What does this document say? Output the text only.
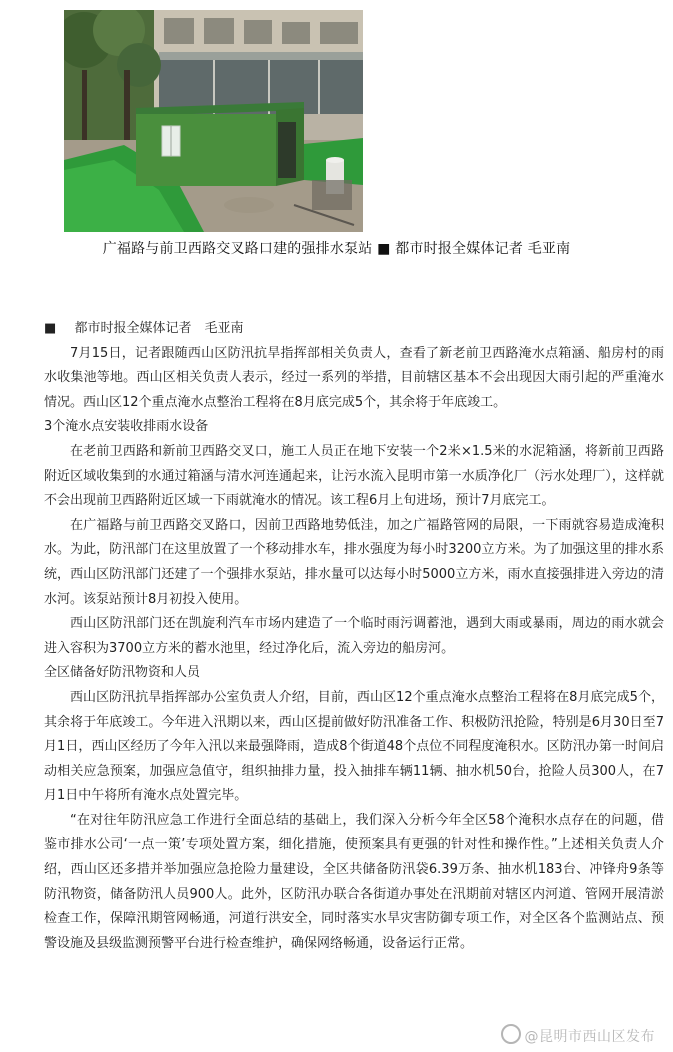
广福路与前卫西路交叉路口建的强排水泵站 ■ 都市时报全媒体记者 毛亚南

■ 都市时报全媒体记者　毛亚南

7月15日，记者跟随西山区防汛抗旱指挥部相关负责人，查看了新老前卫西路淹水点箱涵、船房村的雨水收集池等地。西山区相关负责人表示，经过一系列的举措，目前辖区基本不会出现因大雨引起的严重淹水情况。西山区12个重点淹水点整治工程将在8月底完成5个，其余将于年底竣工。

3个淹水点安装收排雨水设备

在老前卫西路和新前卫西路交叉口，施工人员正在地下安装一个2米×1.5米的水泥箱涵，将新前卫西路附近区域收集到的水通过箱涵与清水河连通起来，让污水流入昆明市第一水质净化厂（污水处理厂），这样就不会出现前卫西路附近区域一下雨就淹水的情况。该工程6月上旬进场，预计7月底完工。

在广福路与前卫西路交叉路口，因前卫西路地势低洼，加之广福路管网的局限，一下雨就容易造成淹积水。为此，防汛部门在这里放置了一个移动排水车，排水强度为每小时3200立方米。为了加强这里的排水系统，西山区防汛部门还建了一个强排水泵站，排水量可以达每小时5000立方米，雨水直接强排进入旁边的清水河。该泵站预计8月初投入使用。

西山区防汛部门还在凯旋利汽车市场内建造了一个临时雨污调蓄池，遇到大雨或暴雨，周边的雨水就会进入容积为3700立方米的蓄水池里，经过净化后，流入旁边的船房河。

全区储备好防汛物资和人员

西山区防汛抗旱指挥部办公室负责人介绍，目前，西山区12个重点淹水点整治工程将在8月底完成5个，其余将于年底竣工。今年进入汛期以来，西山区提前做好防汛准备工作、积极防汛抢险，特别是6月30日至7月1日，西山区经历了今年入汛以来最强降雨，造成8个街道48个点位不同程度淹积水。区防汛办第一时间启动相关应急预案，加强应急值守，组织抽排力量，投入抽排车辆11辆、抽水机50台，抢险人员300人，在7月1日中午将所有淹水点处置完毕。

“在对往年防汛应急工作进行全面总结的基础上，我们深入分析今年全区58个淹积水点存在的问题，借鉴市排水公司‘一点一策’专项处置方案，细化措施，使预案具有更强的针对性和操作性。”上述相关负责人介绍，西山区还多措并举加强应急抢险力量建设，全区共储备防汛袋6.39万条、抽水机183台、冲锋舟9条等防汛物资，储备防汛人员900人。此外，区防汛办联合各街道办事处在汛期前对辖区内河道、管网开展清淤检查工作，保障汛期管网畅通，河道行洪安全，同时落实水旱灾害防御专项工作，对全区各个监测站点、预警设施及县级监测预警平台进行检查维护，确保网络畅通，设备运行正常。

@昆明市西山区发布
